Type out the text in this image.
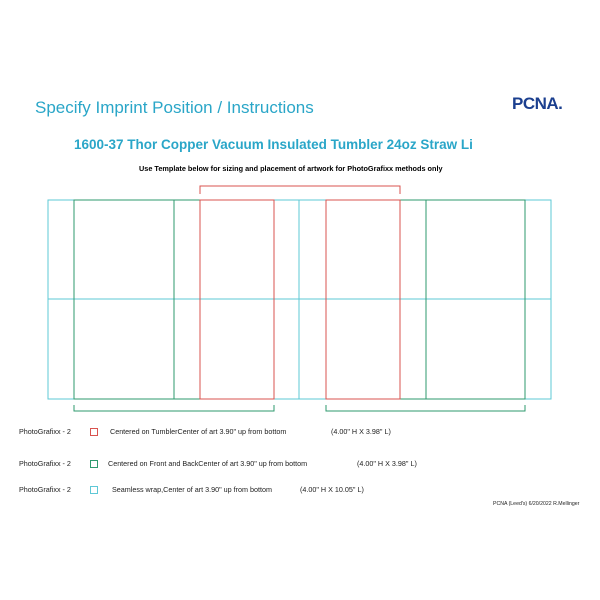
Specify Imprint Position / Instructions	PCNA.
1600-37 Thor Copper Vacuum Insulated Tumbler 24oz Straw Li
Use Template below for sizing and placement of artwork for PhotoGrafixx methods only
PhotoGrafixx - 2	Centered on TumblerCenter of art 3.90" up from bottom	(4.00" H X 3.98" L)
PhotoGrafixx - 2	Centered on Front and BackCenter of art 3.90" up from bottom	(4.00" H X 3.98" L)
PhotoGrafixx - 2	Seamless wrap,Center of art 3.90" up from bottom	(4.00" H X 10.05" L)
PCNA (Leed's) 6/20/2022 R.Mellinger
